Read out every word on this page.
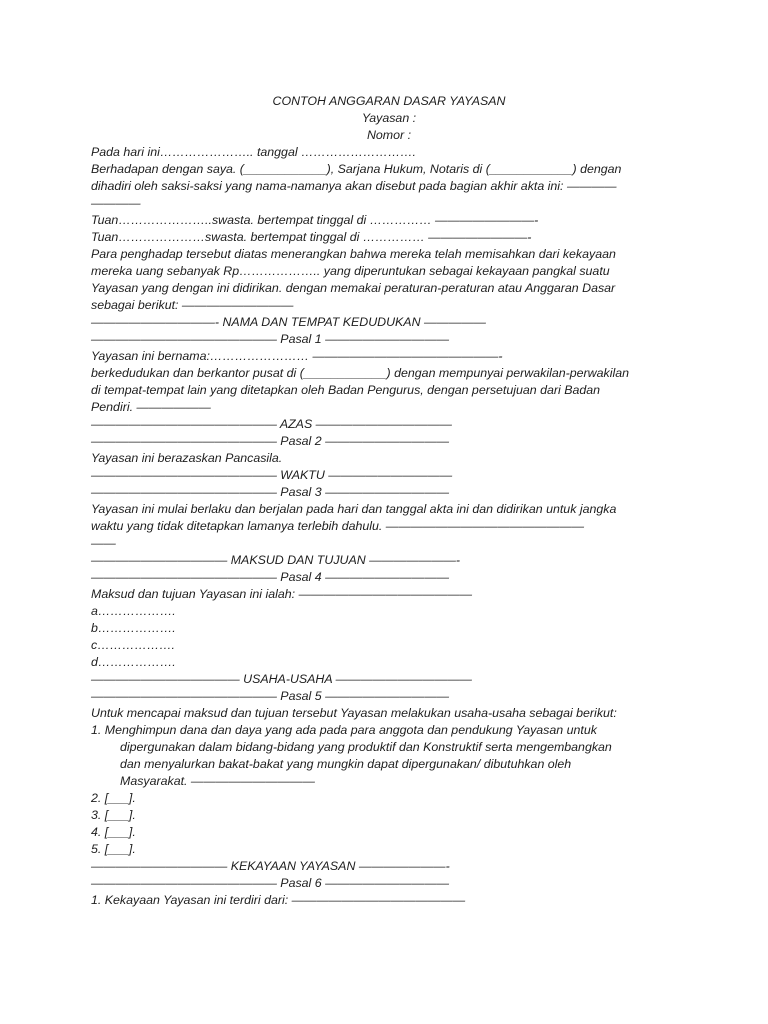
CONTOH ANGGARAN DASAR YAYASAN
Yayasan :
Nomor :
Pada hari ini………………….. tanggal ……………………….
Berhadapan dengan saya. (____________), Sarjana Hukum, Notaris di (____________) dengan
dihadiri oleh saksi-saksi yang nama-namanya akan disebut pada bagian akhir akta ini: ————
————
Tuan…………………..swasta. bertempat tinggal di …………… ————————-
Tuan…………………swasta. bertempat tinggal di …………… ————————-
Para penghadap tersebut diatas menerangkan bahwa mereka telah memisahkan dari kekayaan
mereka uang sebanyak Rp……………….. yang diperuntukan sebagai kekayaan pangkal suatu
Yayasan yang dengan ini didirikan. dengan memakai peraturan-peraturan atau Anggaran Dasar
sebagai berikut: —————————
——————————- NAMA DAN TEMPAT KEDUDUKAN —————
——————————————— Pasal 1 ——————————
Yayasan ini bernama:…………………… ———————————————-
berkedudukan dan berkantor pusat di (____________) dengan mempunyai perwakilan-perwakilan
di tempat-tempat lain yang ditetapkan oleh Badan Pengurus, dengan persetujuan dari Badan
Pendiri. ——————
——————————————— AZAS ———————————
——————————————— Pasal 2 ——————————
Yayasan ini berazaskan Pancasila.
——————————————— WAKTU ——————————
——————————————— Pasal 3 ——————————
Yayasan ini mulai berlaku dan berjalan pada hari dan tanggal akta ini dan didirikan untuk jangka
waktu yang tidak ditetapkan lamanya terlebih dahulu. ————————————————
——
——————————— MAKSUD DAN TUJUAN ———————-
——————————————— Pasal 4 ——————————
Maksud dan tujuan Yayasan ini ialah: ——————————————
a……………….
b……………….
c……………….
d……………….
———————————— USAHA-USAHA ———————————
——————————————— Pasal 5 ——————————
Untuk mencapai maksud dan tujuan tersebut Yayasan melakukan usaha-usaha sebagai berikut:
1. Menghimpun dana dan daya yang ada pada para anggota dan pendukung Yayasan untuk
dipergunakan dalam bidang-bidang yang produktif dan Konstruktif serta mengembangkan
dan menyalurkan bakat-bakat yang mungkin dapat dipergunakan/ dibutuhkan oleh
Masyarakat. ——————————
2. [___].
3. [___].
4. [___].
5. [___].
——————————— KEKAYAAN YAYASAN ———————-
——————————————— Pasal 6 ——————————
1. Kekayaan Yayasan ini terdiri dari: ——————————————
